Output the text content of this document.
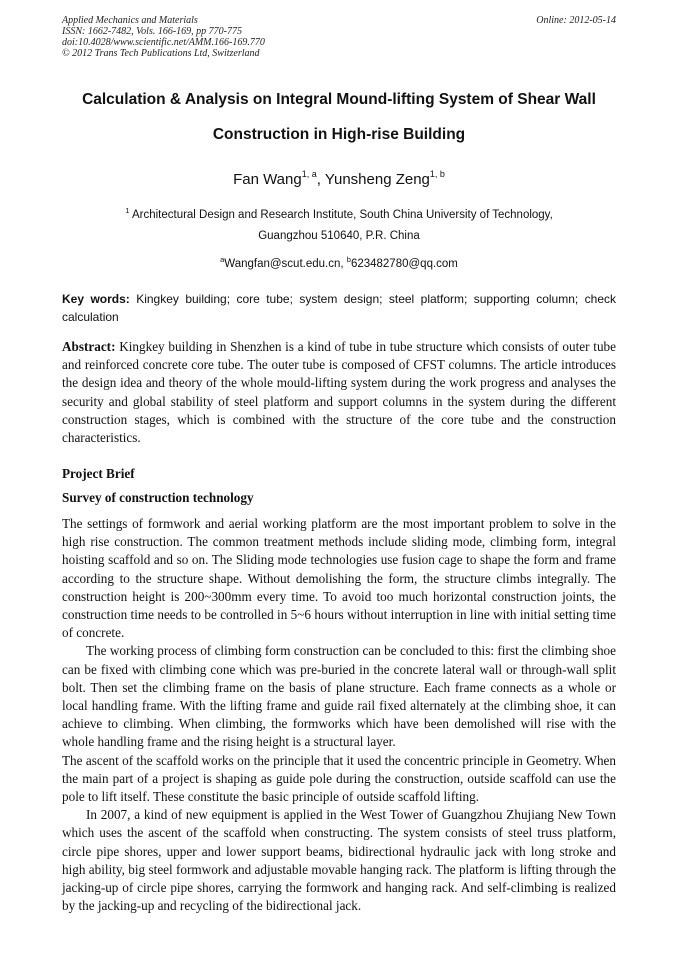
Applied Mechanics and Materials
ISSN: 1662-7482, Vols. 166-169, pp 770-775
doi:10.4028/www.scientific.net/AMM.166-169.770
© 2012 Trans Tech Publications Ltd, Switzerland
Online: 2012-05-14
Calculation & Analysis on Integral Mound-lifting System of Shear Wall
Construction in High-rise Building
Fan Wang$^{1, a}$, Yunsheng Zeng$^{1, b}$
$^1$ Architectural Design and Research Institute, South China University of Technology,
Guangzhou 510640, P.R. China
$^a$Wangfan@scut.edu.cn, $^b$623482780@qq.com
Key words: Kingkey building; core tube; system design; steel platform; supporting column; check calculation

Abstract: Kingkey building in Shenzhen is a kind of tube in tube structure which consists of outer tube and reinforced concrete core tube. The outer tube is composed of CFST columns. The article introduces the design idea and theory of the whole mould-lifting system during the work progress and analyses the security and global stability of steel platform and support columns in the system during the different construction stages, which is combined with the structure of the core tube and the construction characteristics.

Project Brief
Survey of construction technology

The settings of formwork and aerial working platform are the most important problem to solve in the high rise construction. The common treatment methods include sliding mode, climbing form, integral hoisting scaffold and so on. The Sliding mode technologies use fusion cage to shape the form and frame according to the structure shape. Without demolishing the form, the structure climbs integrally. The construction height is 200~300mm every time. To avoid too much horizontal construction joints, the construction time needs to be controlled in 5~6 hours without interruption in line with initial setting time of concrete.

The working process of climbing form construction can be concluded to this: first the climbing shoe can be fixed with climbing cone which was pre-buried in the concrete lateral wall or through-wall split bolt. Then set the climbing frame on the basis of plane structure. Each frame connects as a whole or local handling frame. With the lifting frame and guide rail fixed alternately at the climbing shoe, it can achieve to climbing. When climbing, the formworks which have been demolished will rise with the whole handling frame and the rising height is a structural layer.

The ascent of the scaffold works on the principle that it used the concentric principle in Geometry. When the main part of a project is shaping as guide pole during the construction, outside scaffold can use the pole to lift itself. These constitute the basic principle of outside scaffold lifting.

In 2007, a kind of new equipment is applied in the West Tower of Guangzhou Zhujiang New Town which uses the ascent of the scaffold when constructing. The system consists of steel truss platform, circle pipe shores, upper and lower support beams, bidirectional hydraulic jack with long stroke and high ability, big steel formwork and adjustable movable hanging rack. The platform is lifting through the jacking-up of circle pipe shores, carrying the formwork and hanging rack. And self-climbing is realized by the jacking-up and recycling of the bidirectional jack.
